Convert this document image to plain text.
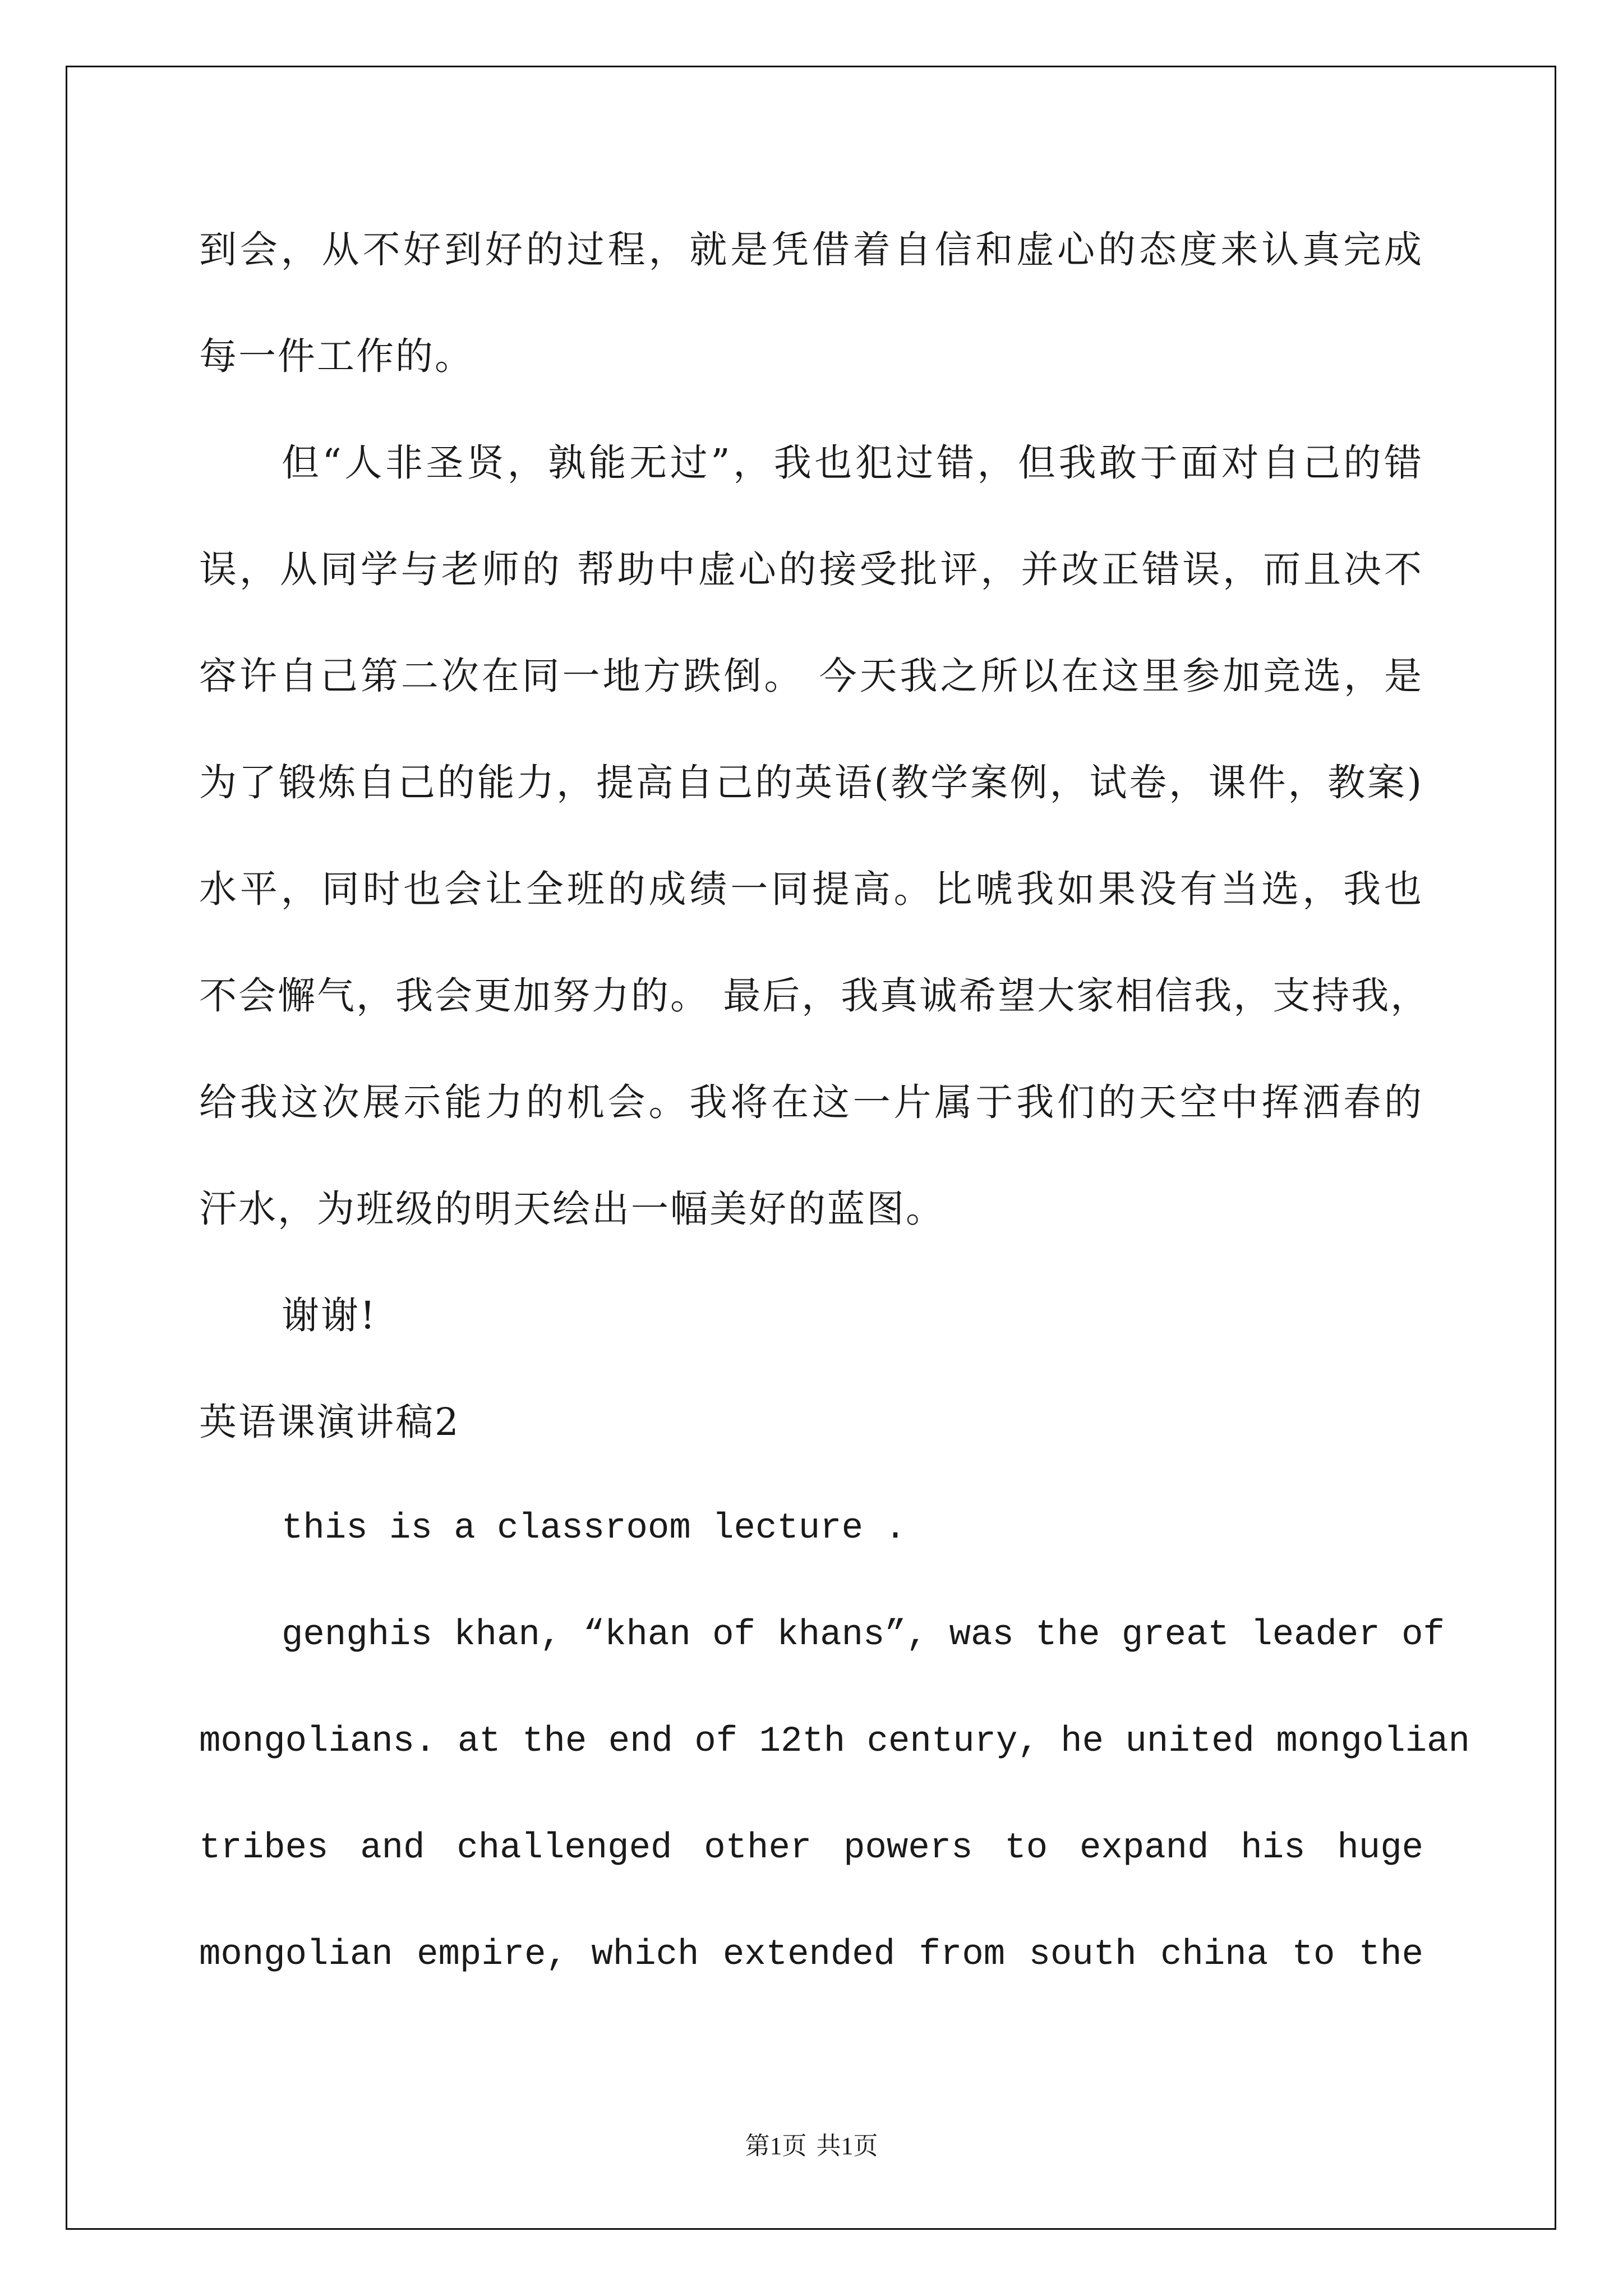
到会，从不好到好的过程，就是凭借着自信和虚心的态度来认真完成
每一件工作的。
但“人非圣贤，孰能无过”，我也犯过错，但我敢于面对自己的错
误，从同学与老师的 帮助中虚心的接受批评，并改正错误，而且决不
容许自己第二次在同一地方跌倒。 今天我之所以在这里参加竞选，是
为了锻炼自己的能力，提高自己的英语(教学案例，试卷，课件，教案)
水平，同时也会让全班的成绩一同提高。比唬我如果没有当选，我也
不会懈气，我会更加努力的。 最后，我真诚希望大家相信我，支持我，
给我这次展示能力的机会。我将在这一片属于我们的天空中挥洒春的
汗水，为班级的明天绘出一幅美好的蓝图。
谢谢!
英语课演讲稿2
this is a classroom lecture .
genghis khan, “khan of khans”, was the great leader of
mongolians. at the end of 12th century, he united mongolian
tribes and challenged other powers to expand his huge
mongolian empire, which extended from south china to the
第1页 共1页
